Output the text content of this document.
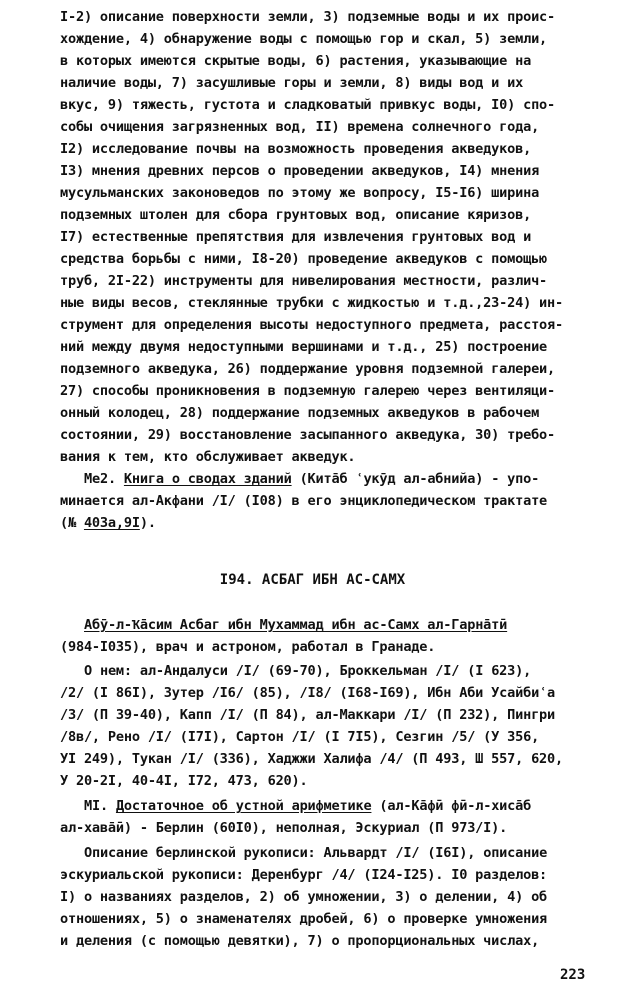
I-2) описание поверхности земли, 3) подземные воды и их проис-
хождение, 4) обнаружение воды с помощью гор и скал, 5) земли,
в которых имеются скрытые воды, 6) растения, указывающие на
наличие воды, 7) засушливые горы и земли, 8) виды вод и их
вкус, 9) тяжесть, густота и сладковатый привкус воды, I0) спо-
собы очищения загрязненных вод, II) времена солнечного года,
I2) исследование почвы на возможность проведения акведуков,
I3) мнения древних персов о проведении акведуков, I4) мнения
мусульманских законоведов по этому же вопросу, I5-I6) ширина
подземных штолен для сбора грунтовых вод, описание кяризов,
I7) естественные препятствия для извлечения грунтовых вод и
средства борьбы с ними, I8-20) проведение акведуков с помощью
труб, 2I-22) инструменты для нивелирования местности, различ-
ные виды весов, стеклянные трубки с жидкостью и т.д.,23-24) ин-
струмент для определения высоты недоступного предмета, расстоя-
ний между двумя недоступными вершинами и т.д., 25) построение
подземного акведука, 26) поддержание уровня подземной галереи,
27) способы проникновения в подземную галерею через вентиляци-
онный колодец, 28) поддержание подземных акведуков в рабочем
состоянии, 29) восстановление засыпанного акведука, 30) требо-
вания к тем, кто обслуживает акведук.
Ме2. Книга о сводах зданий (Китāб ʿукӯд ал-абнийа) - упо-
минается ал-Акфани /I/ (I08) в его энциклопедическом трактате
(№ 403а,9I).
I94. АСБАГ ИБН АС-САМХ
Абӯ-л-Ҡāсим Асбаг ибн Мухаммад ибн ас-Самх ал-Гарнāтӣ
(984-I035), врач и астроном, работал в Гранаде.
О нем: ал-Андалуси /I/ (69-70), Броккельман /I/ (I 623),
/2/ (I 86I), Зутер /I6/ (85), /I8/ (I68-I69), Ибн Аби Усайбиʿа
/3/ (П 39-40), Капп /I/ (П 84), ал-Маккари /I/ (П 232), Пингри
/8в/, Рено /I/ (I7I), Сартон /I/ (I 7I5), Сезгин /5/ (У 356,
УI 249), Тукан /I/ (336), Хаджжи Халифа /4/ (П 493, Ш 557, 620,
У 20-2I, 40-4I, I72, 473, 620).
МI. Достаточное об устной арифметике (ал-Кāфӣ фӣ-л-хисāб
ал-хавāӣ) - Берлин (60I0), неполная, Эскуриал (П 973/I).
Описание берлинской рукописи: Альвардт /I/ (I6I), описание
эскуриальской рукописи: Деренбург /4/ (I24-I25). I0 разделов:
I) о названиях разделов, 2) об умножении, 3) о делении, 4) об
отношениях, 5) о знаменателях дробей, 6) о проверке умножения
и деления (с помощью девятки), 7) о пропорциональных числах,
223
